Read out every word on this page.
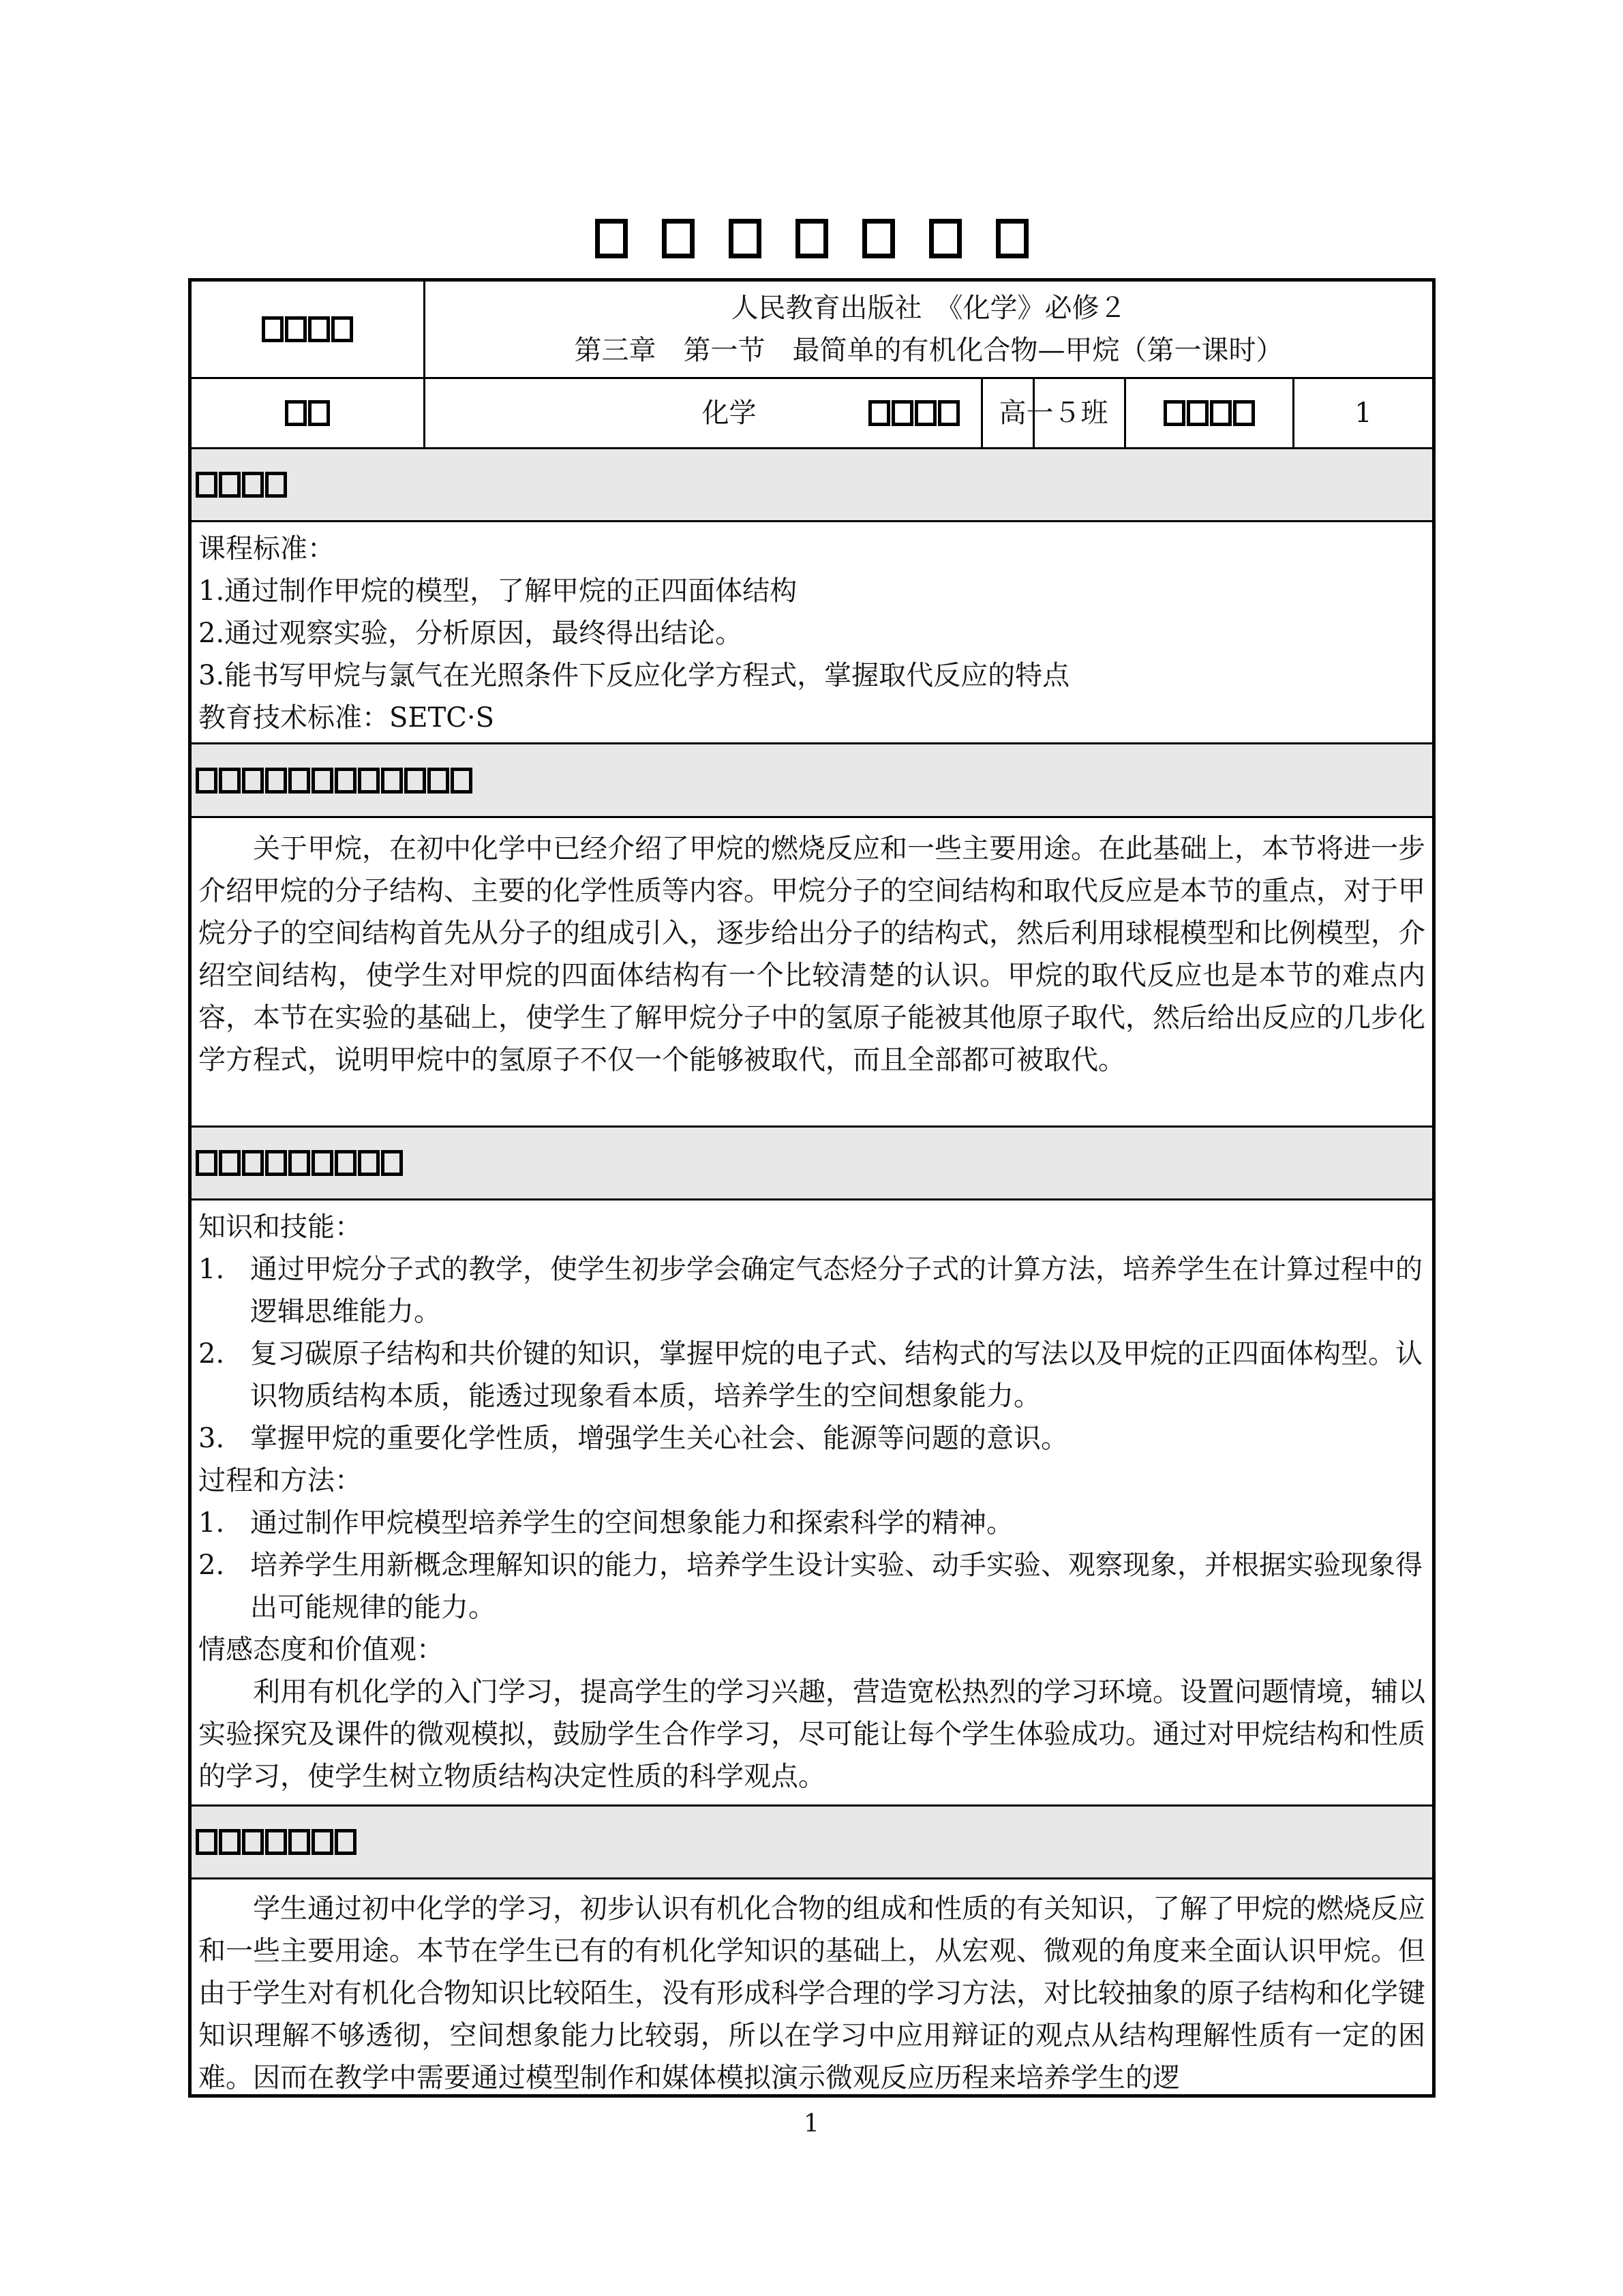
人民教育出版社　《化学》必修２
第三章　第一节　最简单的有机化合物—甲烷（第一课时）
化学	高一５班	1

课程标准：

1.通过制作甲烷的模型，了解甲烷的正四面体结构

2.通过观察实验，分析原因，最终得出结论。

3.能书写甲烷与氯气在光照条件下反应化学方程式，掌握取代反应的特点

教育技术标准：SETC·S

关于甲烷，在初中化学中已经介绍了甲烷的燃烧反应和一些主要用途。在此基础上，本节将进一步介绍甲烷的分子结构、主要的化学性质等内容。甲烷分子的空间结构和取代反应是本节的重点，对于甲烷分子的空间结构首先从分子的组成引入，逐步给出分子的结构式，然后利用球棍模型和比例模型，介绍空间结构，使学生对甲烷的四面体结构有一个比较清楚的认识。甲烷的取代反应也是本节的难点内容，本节在实验的基础上，使学生了解甲烷分子中的氢原子能被其他原子取代，然后给出反应的几步化学方程式，说明甲烷中的氢原子不仅一个能够被取代，而且全部都可被取代。

知识和技能：

1. 通过甲烷分子式的教学，使学生初步学会确定气态烃分子式的计算方法，培养学生在计算过程中的逻辑思维能力。

2. 复习碳原子结构和共价键的知识，掌握甲烷的电子式、结构式的写法以及甲烷的正四面体构型。认识物质结构本质，能透过现象看本质，培养学生的空间想象能力。

3. 掌握甲烷的重要化学性质，增强学生关心社会、能源等问题的意识。

过程和方法：

1. 通过制作甲烷模型培养学生的空间想象能力和探索科学的精神。

2. 培养学生用新概念理解知识的能力，培养学生设计实验、动手实验、观察现象，并根据实验现象得出可能规律的能力。

情感态度和价值观：

利用有机化学的入门学习，提高学生的学习兴趣，营造宽松热烈的学习环境。设置问题情境，辅以实验探究及课件的微观模拟，鼓励学生合作学习，尽可能让每个学生体验成功。通过对甲烷结构和性质的学习，使学生树立物质结构决定性质的科学观点。

学生通过初中化学的学习，初步认识有机化合物的组成和性质的有关知识，了解了甲烷的燃烧反应和一些主要用途。本节在学生已有的有机化学知识的基础上，从宏观、微观的角度来全面认识甲烷。但由于学生对有机化合物知识比较陌生，没有形成科学合理的学习方法，对比较抽象的原子结构和化学键知识理解不够透彻，空间想象能力比较弱，所以在学习中应用辩证的观点从结构理解性质有一定的困难。因而在教学中需要通过模型制作和媒体模拟演示微观反应历程来培养学生的逻

1
